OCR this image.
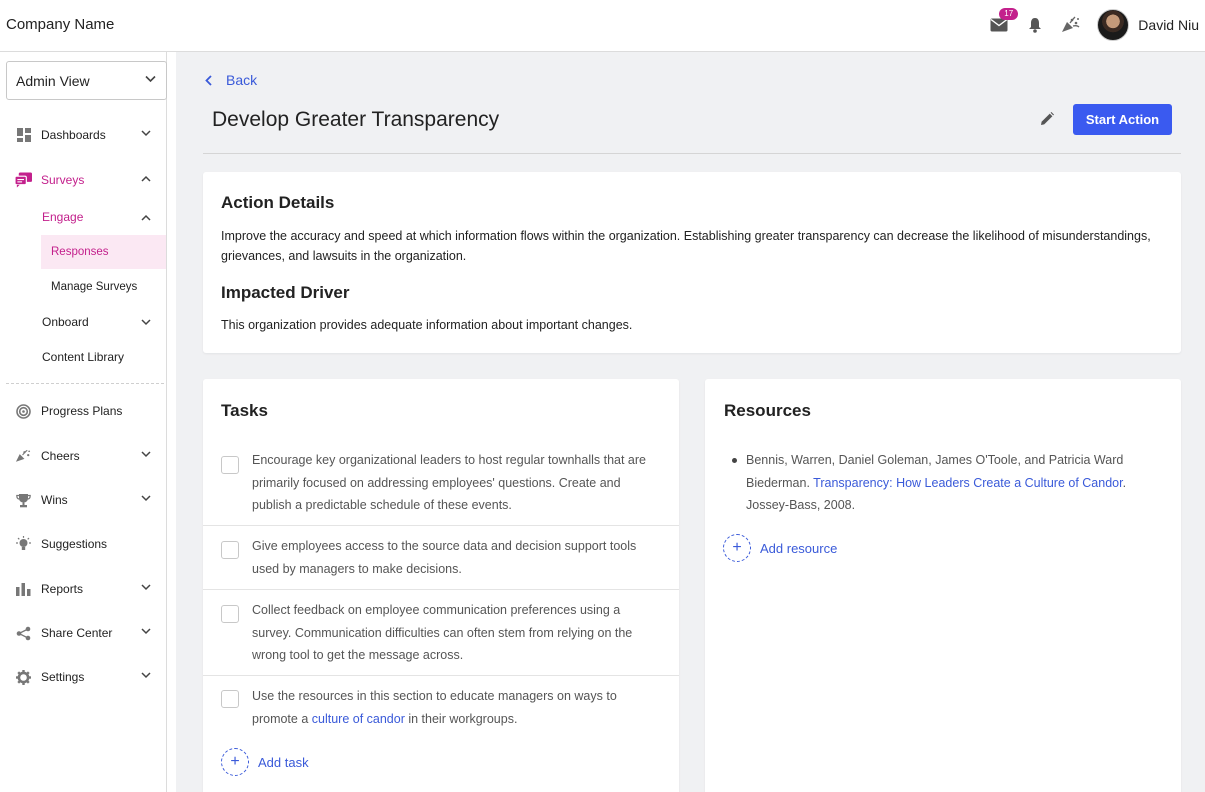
Company Name
17
David Niu
Admin View
Dashboards
Surveys
Engage
Responses
Manage Surveys
Onboard
Content Library
Progress Plans
Cheers
Wins
Suggestions
Reports
Share Center
Settings
Back
Develop Greater Transparency	Start Action
Action Details

Improve the accuracy and speed at which information flows within the organization. Establishing greater transparency can decrease the likelihood of misunderstandings, grievances, and lawsuits in the organization.

Impacted Driver

This organization provides adequate information about important changes.

Tasks
Encourage key organizational leaders to host regular townhalls that are primarily focused on addressing employees' questions. Create and publish a predictable schedule of these events.
Give employees access to the source data and decision support tools used by managers to make decisions.
Collect feedback on employee communication preferences using a survey. Communication difficulties can often stem from relying on the wrong tool to get the message across.
Use the resources in this section to educate managers on ways to promote a culture of candor in their workgroups.
+	Add task
Resources
Bennis, Warren, Daniel Goleman, James O'Toole, and Patricia Ward Biederman. Transparency: How Leaders Create a Culture of Candor. Jossey-Bass, 2008.
+	Add resource
